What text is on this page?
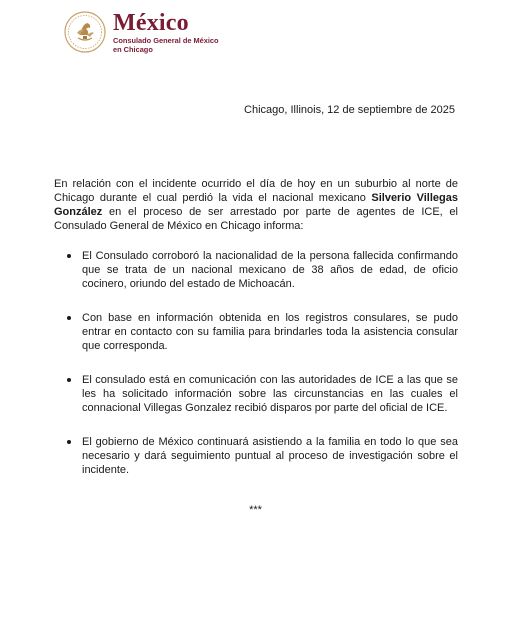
México
Consulado General de México
en Chicago
Chicago, Illinois, 12 de septiembre de 2025

En relación con el incidente ocurrido el día de hoy en un suburbio al norte de Chicago durante el cual perdió la vida el nacional mexicano Silverio Villegas González en el proceso de ser arrestado por parte de agentes de ICE, el Consulado General de México en Chicago informa:

El Consulado corroboró la nacionalidad de la persona fallecida confirmando que se trata de un nacional mexicano de 38 años de edad, de oficio cocinero, oriundo del estado de Michoacán.
Con base en información obtenida en los registros consulares, se pudo entrar en contacto con su familia para brindarles toda la asistencia consular que corresponda.
El consulado está en comunicación con las autoridades de ICE a las que se les ha solicitado información sobre las circunstancias en las cuales el connacional Villegas Gonzalez recibió disparos por parte del oficial de ICE.
El gobierno de México continuará asistiendo a la familia en todo lo que sea necesario y dará seguimiento puntual al proceso de investigación sobre el incidente.
***
